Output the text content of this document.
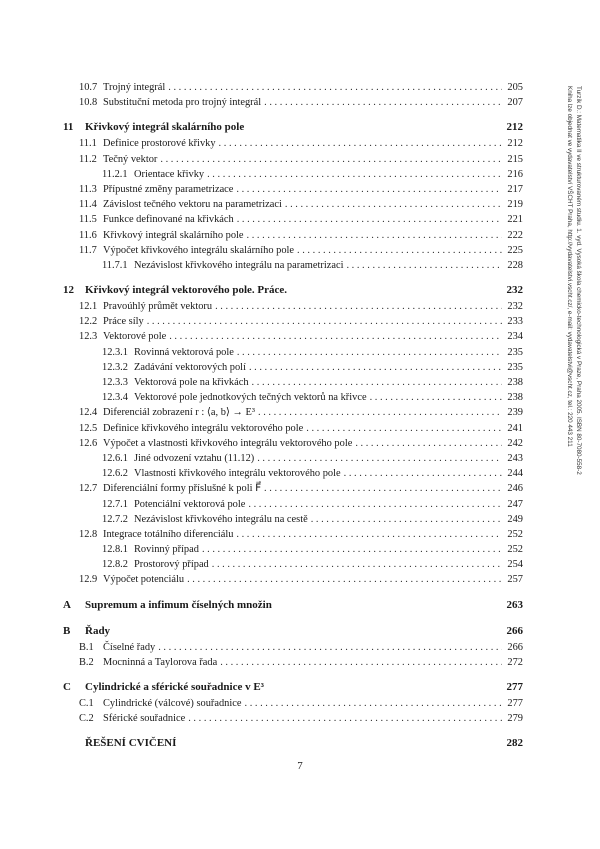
Turzík D.: Matematika II ve strukturovaném studiu. 1. vyd. Vysoká škola chemicko-technologická v Praze, Praha 2005. ISBN 80-7080-558-2
Kniha lze objednat ve vydavatelství VŠCHT Praha, http://vydavatelstvi.vscht.cz/, e-mail: vydavatelstvi@vscht.cz, tel.: 220 443 211
10.7 Trojný integrál . . .	205
10.8 Substituční metoda pro trojný integrál . . .	207
11	Křivkový integrál skalárního pole	212
11.1 Definice prostorové křivky . . .	212
11.2 Tečný vektor . . .	215
11.2.1 Orientace křivky . . .	216
11.3 Přípustné změny parametrizace . . .	217
11.4 Závislost tečného vektoru na parametrizaci . . .	219
11.5 Funkce definované na křivkách . . .	221
11.6 Křivkový integrál skalárního pole . . .	222
11.7 Výpočet křivkového integrálu skalárního pole . . .	225
11.7.1 Nezávislost křivkového integrálu na parametrizaci . . .	228
12	Křivkový integrál vektorového pole. Práce.	232
12.1 Pravoúhlý průmět vektoru . . .	232
12.2 Práce síly . . .	233
12.3 Vektorové pole . . .	234
12.3.1 Rovinná vektorová pole . . .	235
12.3.2 Zadávání vektorových polí . . .	235
12.3.3 Vektorová pole na křivkách . . .	238
12.3.4 Vektorové pole jednotkových tečných vektorů na křivce . . .	238
12.4 Diferenciál zobrazení r : ⟨a, b⟩ → E³ . . .	239
12.5 Definice křivkového integrálu vektorového pole . . .	241
12.6 Výpočet a vlastnosti křivkového integrálu vektorového pole . . .	242
12.6.1 Jiné odvození vztahu (11.12) . . .	243
12.6.2 Vlastnosti křivkového integrálu vektorového pole . . .	244
12.7 Diferenciální formy příslušné k poli F⃗ . . .	246
12.7.1 Potenciální vektorová pole . . .	247
12.7.2 Nezávislost křivkového integrálu na cestě . . .	249
12.8 Integrace totálního diferenciálu . . .	252
12.8.1 Rovinný případ . . .	252
12.8.2 Prostorový případ . . .	254
12.9 Výpočet potenciálu . . .	257
A	Supremum a infimum číselných množin	263
B	Řady	266
B.1 Číselné řady . . .	266
B.2 Mocninná a Taylorova řada . . .	272
C	Cylindrické a sférické souřadnice v E³	277
C.1 Cylindrické (válcové) souřadnice . . .	277
C.2 Sférické souřadnice . . .	279
ŘEŠENÍ CVIČENÍ	282
7
